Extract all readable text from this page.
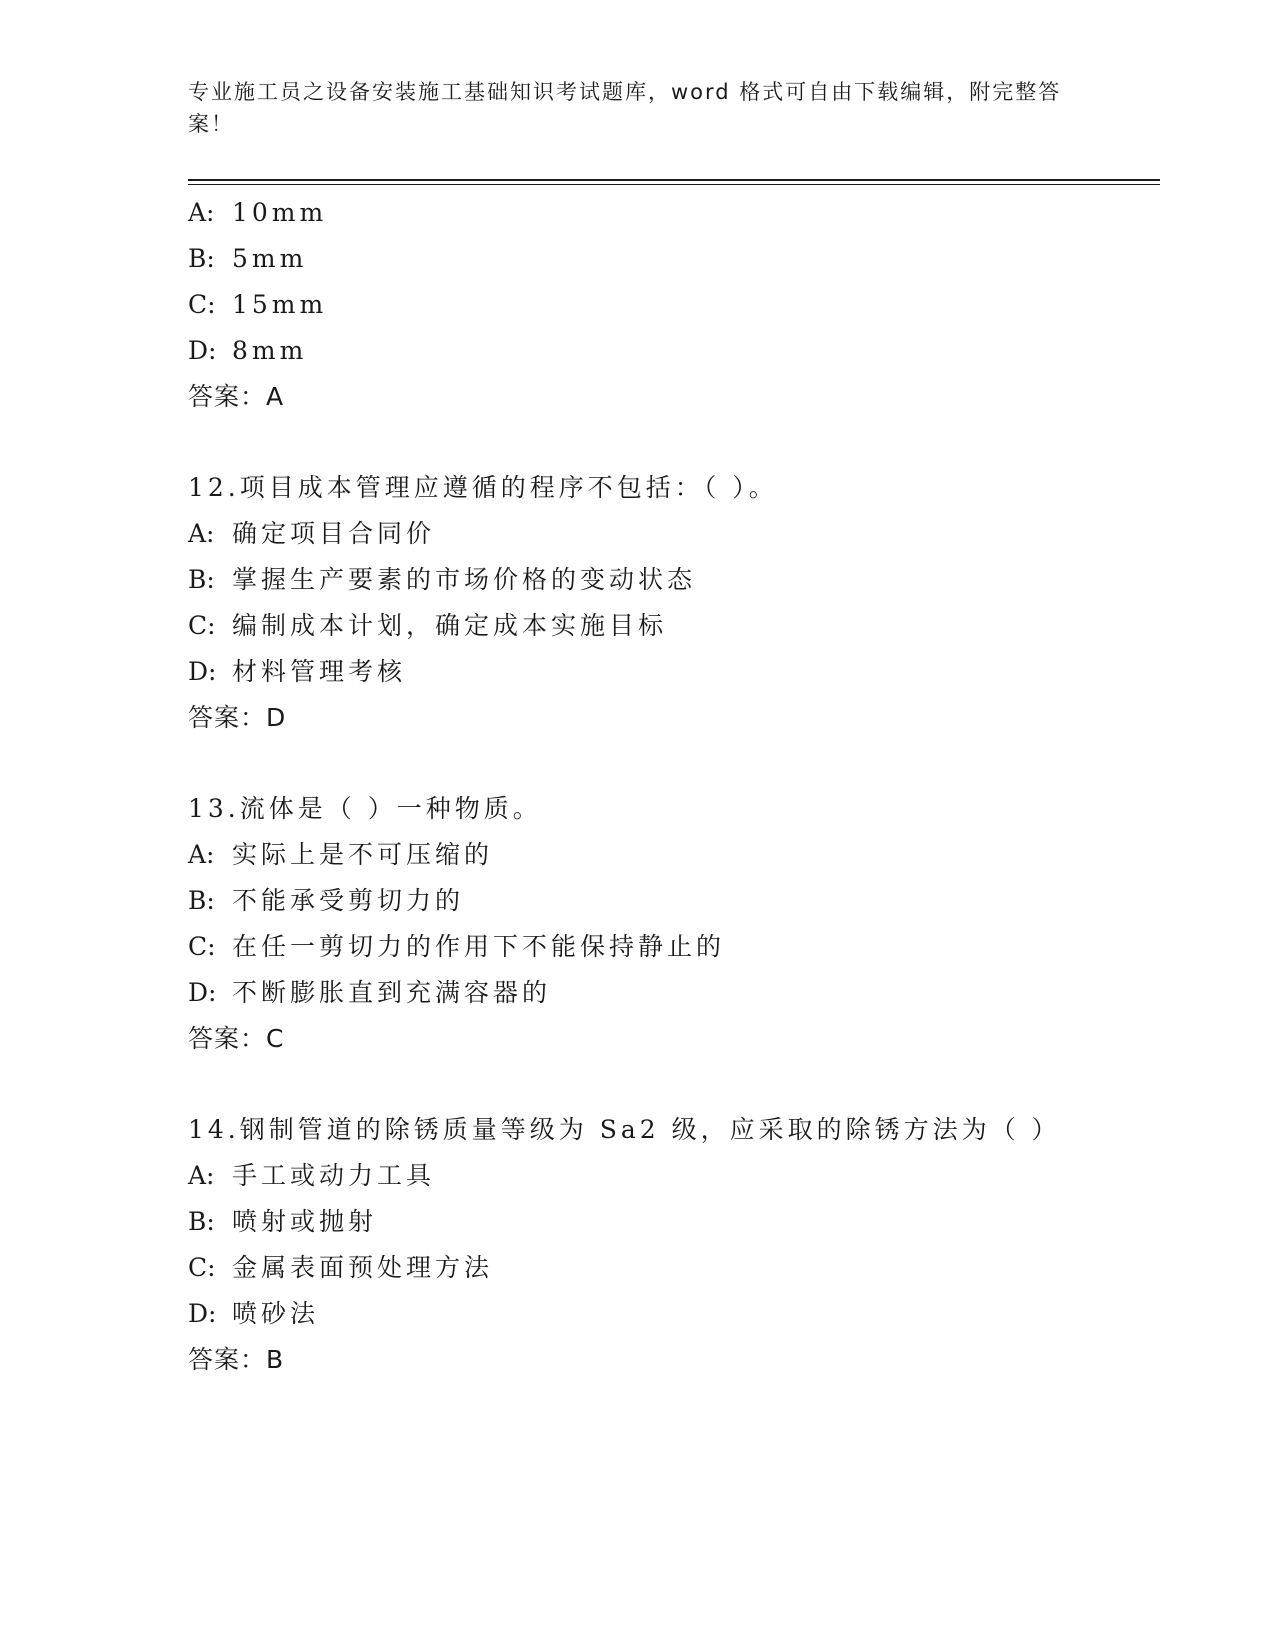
专业施工员之设备安装施工基础知识考试题库，word 格式可自由下载编辑，附完整答案！
A: 10mm
B: 5mm
C: 15mm
D: 8mm
答案：A
12.项目成本管理应遵循的程序不包括：（ ）。
A: 确定项目合同价
B: 掌握生产要素的市场价格的变动状态
C: 编制成本计划，确定成本实施目标
D: 材料管理考核
答案：D
13.流体是（ ）一种物质。
A: 实际上是不可压缩的
B: 不能承受剪切力的
C: 在任一剪切力的作用下不能保持静止的
D: 不断膨胀直到充满容器的
答案：C
14.钢制管道的除锈质量等级为 Sa2 级，应采取的除锈方法为（ ）
A: 手工或动力工具
B: 喷射或抛射
C: 金属表面预处理方法
D: 喷砂法
答案：B
